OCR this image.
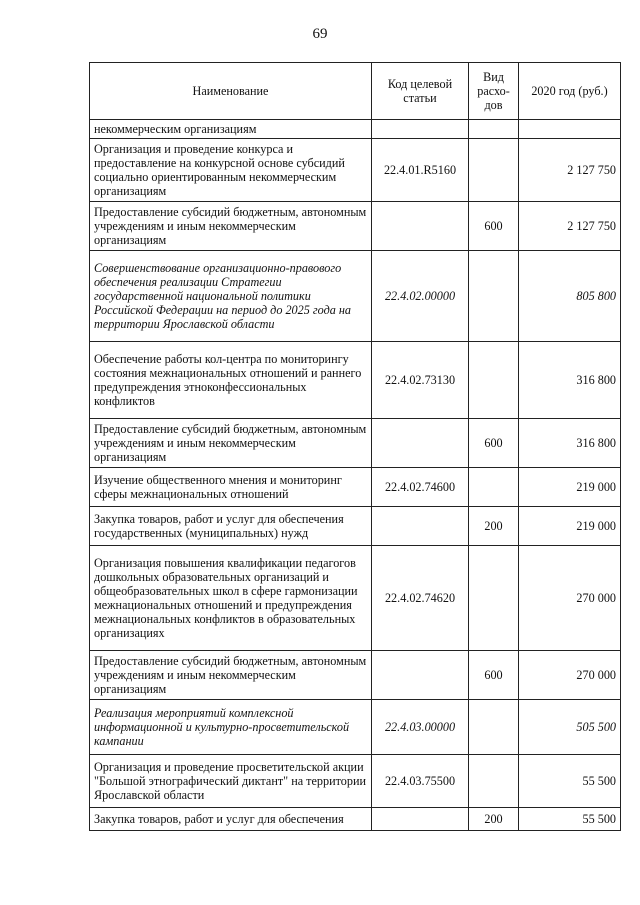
69
Наименование	Код целевой статьи	Вид расхо-дов	2020 год (руб.)
некоммерческим организациям			
Организация и проведение конкурса и предоставление на конкурсной основе субсидий социально ориентированным некоммерческим организациям	22.4.01.R5160		2 127 750
Предоставление субсидий бюджетным, автономным учреждениям и иным некоммерческим организациям		600	2 127 750
Совершенствование организационно-правового обеспечения реализации Стратегии государственной национальной политики Российской Федерации на период до 2025 года на территории Ярославской области	22.4.02.00000		805 800
Обеспечение работы кол-центра по мониторингу состояния межнациональных отношений и раннего предупреждения этноконфессиональных конфликтов	22.4.02.73130		316 800
Предоставление субсидий бюджетным, автономным учреждениям и иным некоммерческим организациям		600	316 800
Изучение общественного мнения и мониторинг сферы межнациональных отношений	22.4.02.74600		219 000
Закупка товаров, работ и услуг для обеспечения государственных (муниципальных) нужд		200	219 000
Организация повышения квалификации педагогов дошкольных образовательных организаций и общеобразовательных школ в сфере гармонизации межнациональных отношений и предупреждения межнациональных конфликтов в образовательных организациях	22.4.02.74620		270 000
Предоставление субсидий бюджетным, автономным учреждениям и иным некоммерческим организациям		600	270 000
Реализация мероприятий комплексной информационной и культурно-просветительской кампании	22.4.03.00000		505 500
Организация и проведение просветительской акции "Большой этнографический диктант" на территории Ярославской области	22.4.03.75500		55 500
Закупка товаров, работ и услуг для обеспечения		200	55 500
